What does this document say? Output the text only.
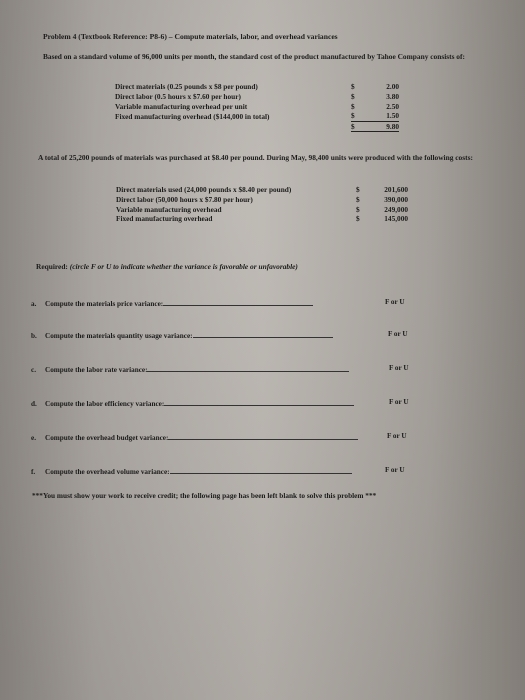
Problem 4 (Textbook Reference: P8-6) – Compute materials, labor, and overhead variances
Based on a standard volume of 96,000 units per month, the standard cost of the product manufactured by Tahoe Company consists of:
Direct materials (0.25 pounds x $8 per pound)	$	2.00
Direct labor (0.5 hours x $7.60 per hour)	$	3.80
Variable manufacturing overhead per unit	$	2.50
Fixed manufacturing overhead ($144,000 in total)	$	1.50
	$	9.80
A total of 25,200 pounds of materials was purchased at $8.40 per pound. During May, 98,400 units were produced with the following costs:
Direct materials used (24,000 pounds x $8.40 per pound)	$	201,600
Direct labor (50,000 hours x $7.80 per hour)	$	390,000
Variable manufacturing overhead	$	249,000
Fixed manufacturing overhead	$	145,000
Required: (circle F or U to indicate whether the variance is favorable or unfavorable)
a. Compute the materials price variance:	F or U
b. Compute the materials quantity usage variance:	F or U
c. Compute the labor rate variance:	F or U
d. Compute the labor efficiency variance:	F or U
e. Compute the overhead budget variance:	F or U
f. Compute the overhead volume variance:	F or U
***You must show your work to receive credit; the following page has been left blank to solve this problem ***
